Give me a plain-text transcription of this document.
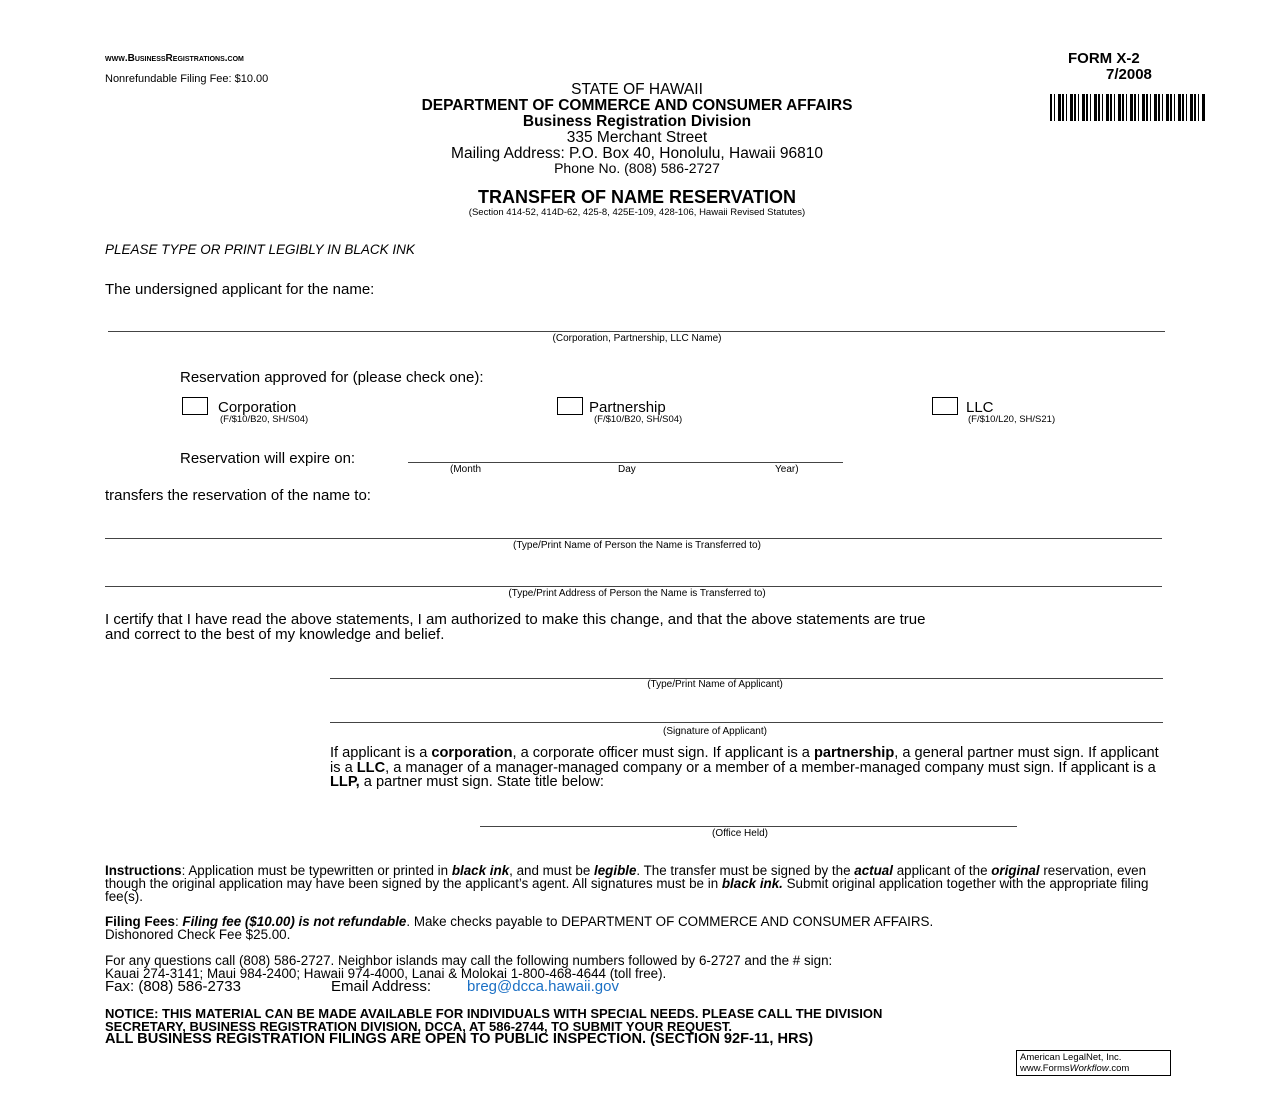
www.BusinessRegistrations.com
Nonrefundable Filing Fee: $10.00
FORM X-2
7/2008
STATE OF HAWAII
DEPARTMENT OF COMMERCE AND CONSUMER AFFAIRS
Business Registration Division
335 Merchant Street
Mailing Address: P.O. Box 40, Honolulu, Hawaii 96810
Phone No. (808) 586-2727
TRANSFER OF NAME RESERVATION
(Section 414-52, 414D-62, 425-8, 425E-109, 428-106, Hawaii Revised Statutes)
PLEASE TYPE OR PRINT LEGIBLY IN BLACK INK
The undersigned applicant for the name:
(Corporation, Partnership, LLC Name)
Reservation approved for (please check one):
Corporation
(F/$10/B20, SH/S04)
Partnership
(F/$10/B20, SH/S04)
LLC
(F/$10/L20, SH/S21)
Reservation will expire on:
(Month	Day	Year)
transfers the reservation of the name to:
(Type/Print Name of Person the Name is Transferred to)
(Type/Print Address of Person the Name is Transferred to)
I certify that I have read the above statements, I am authorized to make this change, and that the above statements are true
and correct to the best of my knowledge and belief.
(Type/Print Name of Applicant)
(Signature of Applicant)
If applicant is a corporation, a corporate officer must sign. If applicant is a partnership, a general partner must sign. If applicant is a LLC, a manager of a manager-managed company or a member of a member-managed company must sign. If applicant is a LLP, a partner must sign. State title below:
(Office Held)
Instructions: Application must be typewritten or printed in black ink, and must be legible. The transfer must be signed by the actual applicant of the original reservation, even though the original application may have been signed by the applicant’s agent. All signatures must be in black ink. Submit original application together with the appropriate filing fee(s).
Filing Fees: Filing fee ($10.00) is not refundable. Make checks payable to DEPARTMENT OF COMMERCE AND CONSUMER AFFAIRS.
Dishonored Check Fee $25.00.
For any questions call (808) 586-2727. Neighbor islands may call the following numbers followed by 6-2727 and the # sign:
Kauai 274-3141; Maui 984-2400; Hawaii 974-4000, Lanai & Molokai 1-800-468-4644 (toll free).
Fax: (808) 586-2733	Email Address: breg@dcca.hawaii.gov
NOTICE: THIS MATERIAL CAN BE MADE AVAILABLE FOR INDIVIDUALS WITH SPECIAL NEEDS. PLEASE CALL THE DIVISION
SECRETARY, BUSINESS REGISTRATION DIVISION, DCCA, AT 586-2744, TO SUBMIT YOUR REQUEST.
ALL BUSINESS REGISTRATION FILINGS ARE OPEN TO PUBLIC INSPECTION. (SECTION 92F-11, HRS)
American LegalNet, Inc.
www.FormsWorkflow.com
